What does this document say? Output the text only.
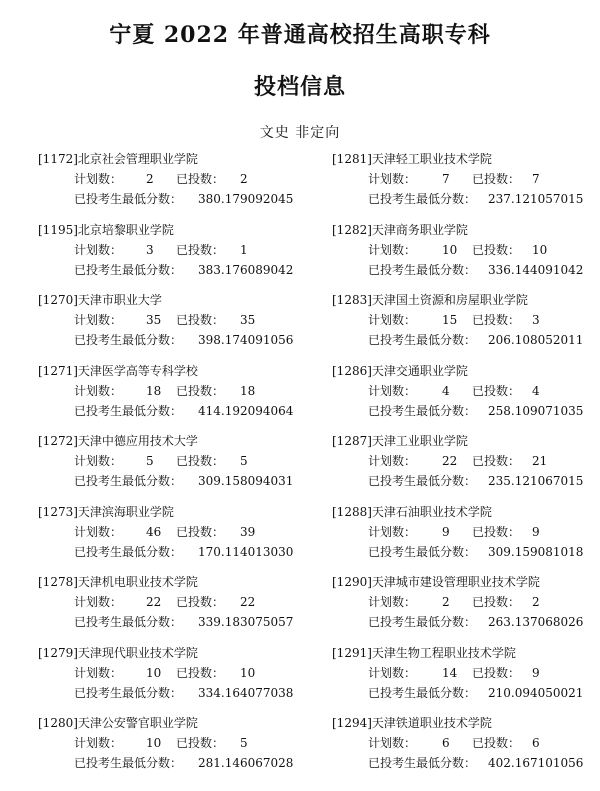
宁夏 2022 年普通高校招生高职专科
投档信息
文史 非定向
[1172]北京社会管理职业学院
计划数： 2 已投数： 2
已投考生最低分数： 380.179092045
[1195]北京培黎职业学院
计划数： 3 已投数： 1
已投考生最低分数： 383.176089042
[1270]天津市职业大学
计划数： 35 已投数： 35
已投考生最低分数： 398.174091056
[1271]天津医学高等专科学校
计划数： 18 已投数： 18
已投考生最低分数： 414.192094064
[1272]天津中德应用技术大学
计划数： 5 已投数： 5
已投考生最低分数： 309.158094031
[1273]天津滨海职业学院
计划数： 46 已投数： 39
已投考生最低分数： 170.114013030
[1278]天津机电职业技术学院
计划数： 22 已投数： 22
已投考生最低分数： 339.183075057
[1279]天津现代职业技术学院
计划数： 10 已投数： 10
已投考生最低分数： 334.164077038
[1280]天津公安警官职业学院
计划数： 10 已投数： 5
已投考生最低分数： 281.146067028
[1281]天津轻工职业技术学院
计划数： 7 已投数： 7
已投考生最低分数： 237.121057015
[1282]天津商务职业学院
计划数： 10 已投数： 10
已投考生最低分数： 336.144091042
[1283]天津国土资源和房屋职业学院
计划数： 15 已投数： 3
已投考生最低分数： 206.108052011
[1286]天津交通职业学院
计划数： 4 已投数： 4
已投考生最低分数： 258.109071035
[1287]天津工业职业学院
计划数： 22 已投数： 21
已投考生最低分数： 235.121067015
[1288]天津石油职业技术学院
计划数： 9 已投数： 9
已投考生最低分数： 309.159081018
[1290]天津城市建设管理职业技术学院
计划数： 2 已投数： 2
已投考生最低分数： 263.137068026
[1291]天津生物工程职业技术学院
计划数： 14 已投数： 9
已投考生最低分数： 210.094050021
[1294]天津铁道职业技术学院
计划数： 6 已投数： 6
已投考生最低分数： 402.167101056
